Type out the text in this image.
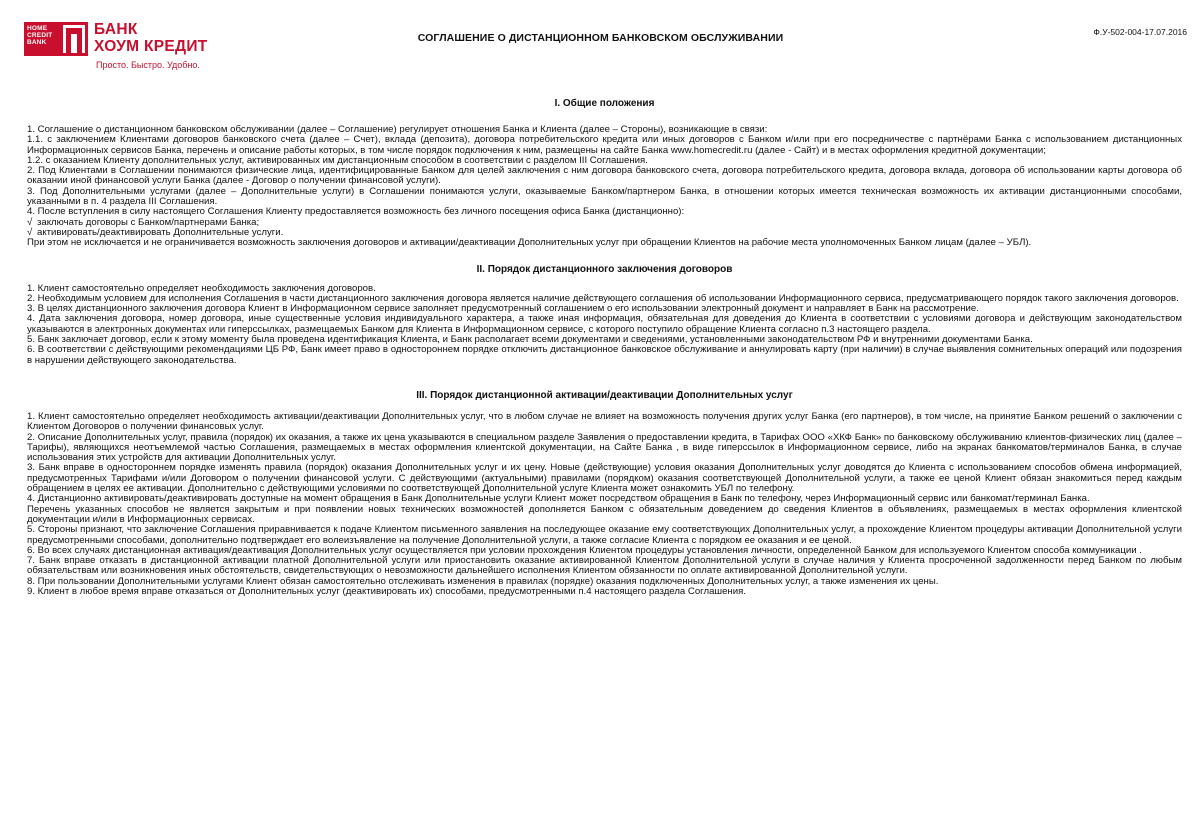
HOME
CREDIT
BANK
БАНК
ХОУМ КРЕДИТ
Просто. Быстро. Удобно.
Ф.У-502-004-17.07.2016
СОГЛАШЕНИЕ О ДИСТАНЦИОННОМ БАНКОВСКОМ ОБСЛУЖИВАНИИ
I. Общие положения

1. Соглашение о дистанционном банковском обслуживании (далее – Соглашение) регулирует отношения Банка и Клиента (далее – Стороны), возникающие в связи:

1.1. с заключением Клиентами договоров банковского счета (далее – Счет), вклада (депозита), договора потребительского кредита или иных договоров с Банком и/или при его посредничестве с партнёрами Банка с использованием дистанционных Информационных сервисов Банка, перечень и описание работы которых, в том числе порядок подключения к ним, размещены на сайте Банка www.homecredit.ru (далее - Сайт) и в местах оформления кредитной документации;

1.2. с оказанием Клиенту дополнительных услуг, активированных им дистанционным способом в соответствии с разделом III Соглашения.

2. Под Клиентами в Соглашении понимаются физические лица, идентифицированные Банком для целей заключения с ним договора банковского счета, договора потребительского кредита, договора вклада, договора об использовании карты договора об оказании иной финансовой услуги Банка (далее - Договор о получении финансовой услуги).

3. Под Дополнительными услугами (далее – Дополнительные услуги) в Соглашении понимаются услуги, оказываемые Банком/партнером Банка, в отношении которых имеется техническая возможность их активации дистанционными способами, указанными в п. 4 раздела III Соглашения.

4. После вступления в силу настоящего Соглашения Клиенту предоставляется возможность без личного посещения офиса Банка (дистанционно):

√ заключать договоры с Банком/партнерами Банка;

√ активировать/деактивировать Дополнительные услуги.

При этом не исключается и не ограничивается возможность заключения договоров и активации/деактивации Дополнительных услуг при обращении Клиентов на рабочие места уполномоченных Банком лицам (далее – УБЛ).

II. Порядок дистанционного заключения договоров

1. Клиент самостоятельно определяет необходимость заключения договоров.

2. Необходимым условием для исполнения Соглашения в части дистанционного заключения договора является наличие действующего соглашения об использовании Информационного сервиса, предусматривающего порядок такого заключения договоров.

3. В целях дистанционного заключения договора Клиент в Информационном сервисе заполняет предусмотренный соглашением о его использовании электронный документ и направляет в Банк на рассмотрение.

4. Дата заключения договора, номер договора, иные существенные условия индивидуального характера, а также иная информация, обязательная для доведения до Клиента в соответствии с условиями договора и действующим законодательством указываются в электронных документах или гиперссылках, размещаемых Банком для Клиента в Информационном сервисе, с которого поступило обращение Клиента согласно п.3 настоящего раздела.

5. Банк заключает договор, если к этому моменту была проведена идентификация Клиента, и Банк располагает всеми документами и сведениями, установленными законодательством РФ и внутренними документами Банка.

6. В соответствии с действующими рекомендациями ЦБ РФ, Банк имеет право в одностороннем порядке отключить дистанционное банковское обслуживание и аннулировать карту (при наличии) в случае выявления сомнительных операций или подозрения в нарушении действующего законодательства.

III. Порядок дистанционной активации/деактивации Дополнительных услуг

1. Клиент самостоятельно определяет необходимость активации/деактивации Дополнительных услуг, что в любом случае не влияет на возможность получения других услуг Банка (его партнеров), в том числе, на принятие Банком решений о заключении с Клиентом Договоров о получении финансовых услуг.

2. Описание Дополнительных услуг, правила (порядок) их оказания, а также их цена указываются в специальном разделе Заявления о предоставлении кредита, в Тарифах ООО «ХКФ Банк» по банковскому обслуживанию клиентов-физических лиц (далее – Тарифы), являющихся неотъемлемой частью Соглашения, размещаемых в местах оформления клиентской документации, на Сайте Банка , в виде гиперссылок в Информационном сервисе, либо на экранах банкоматов/терминалов Банка, в случае использования этих устройств для активации Дополнительных услуг.

3. Банк вправе в одностороннем порядке изменять правила (порядок) оказания Дополнительных услуг и их цену. Новые (действующие) условия оказания Дополнительных услуг доводятся до Клиента с использованием способов обмена информацией, предусмотренных Тарифами и/или Договором о получении финансовой услуги. С действующими (актуальными) правилами (порядком) оказания соответствующей Дополнительной услуги, а также ее ценой Клиент обязан знакомиться перед каждым обращением в целях ее активации. Дополнительно с действующими условиями по соответствующей Дополнительной услуге Клиента может ознакомить УБЛ по телефону.

4. Дистанционно активировать/деактивировать доступные на момент обращения в Банк Дополнительные услуги Клиент может посредством обращения в Банк по телефону, через Информационный сервис или банкомат/терминал Банка.

Перечень указанных способов не является закрытым и при появлении новых технических возможностей дополняется Банком с обязательным доведением до сведения Клиентов в объявлениях, размещаемых в местах оформления клиентской документации и/или в Информационных сервисах.

5. Стороны признают, что заключение Соглашения приравнивается к подаче Клиентом письменного заявления на последующее оказание ему соответствующих Дополнительных услуг, а прохождение Клиентом процедуры активации Дополнительной услуги предусмотренными способами, дополнительно подтверждает его волеизъявление на получение Дополнительной услуги, а также согласие Клиента с порядком ее оказания и ее ценой.

6. Во всех случаях дистанционная активация/деактивация Дополнительных услуг осуществляется при условии прохождения Клиентом процедуры установления личности, определенной Банком для используемого Клиентом способа коммуникации .

7. Банк вправе отказать в дистанционной активации платной Дополнительной услуги или приостановить оказание активированной Клиентом Дополнительной услуги в случае наличия у Клиента просроченной задолженности перед Банком по любым обязательствам или возникновения иных обстоятельств, свидетельствующих о невозможности дальнейшего исполнения Клиентом обязанности по оплате активированной Дополнительной услуги.

8. При пользовании Дополнительными услугами Клиент обязан самостоятельно отслеживать изменения в правилах (порядке) оказания подключенных Дополнительных услуг, а также изменения их цены.

9. Клиент в любое время вправе отказаться от Дополнительных услуг (деактивировать их) способами, предусмотренными п.4 настоящего раздела Соглашения.
